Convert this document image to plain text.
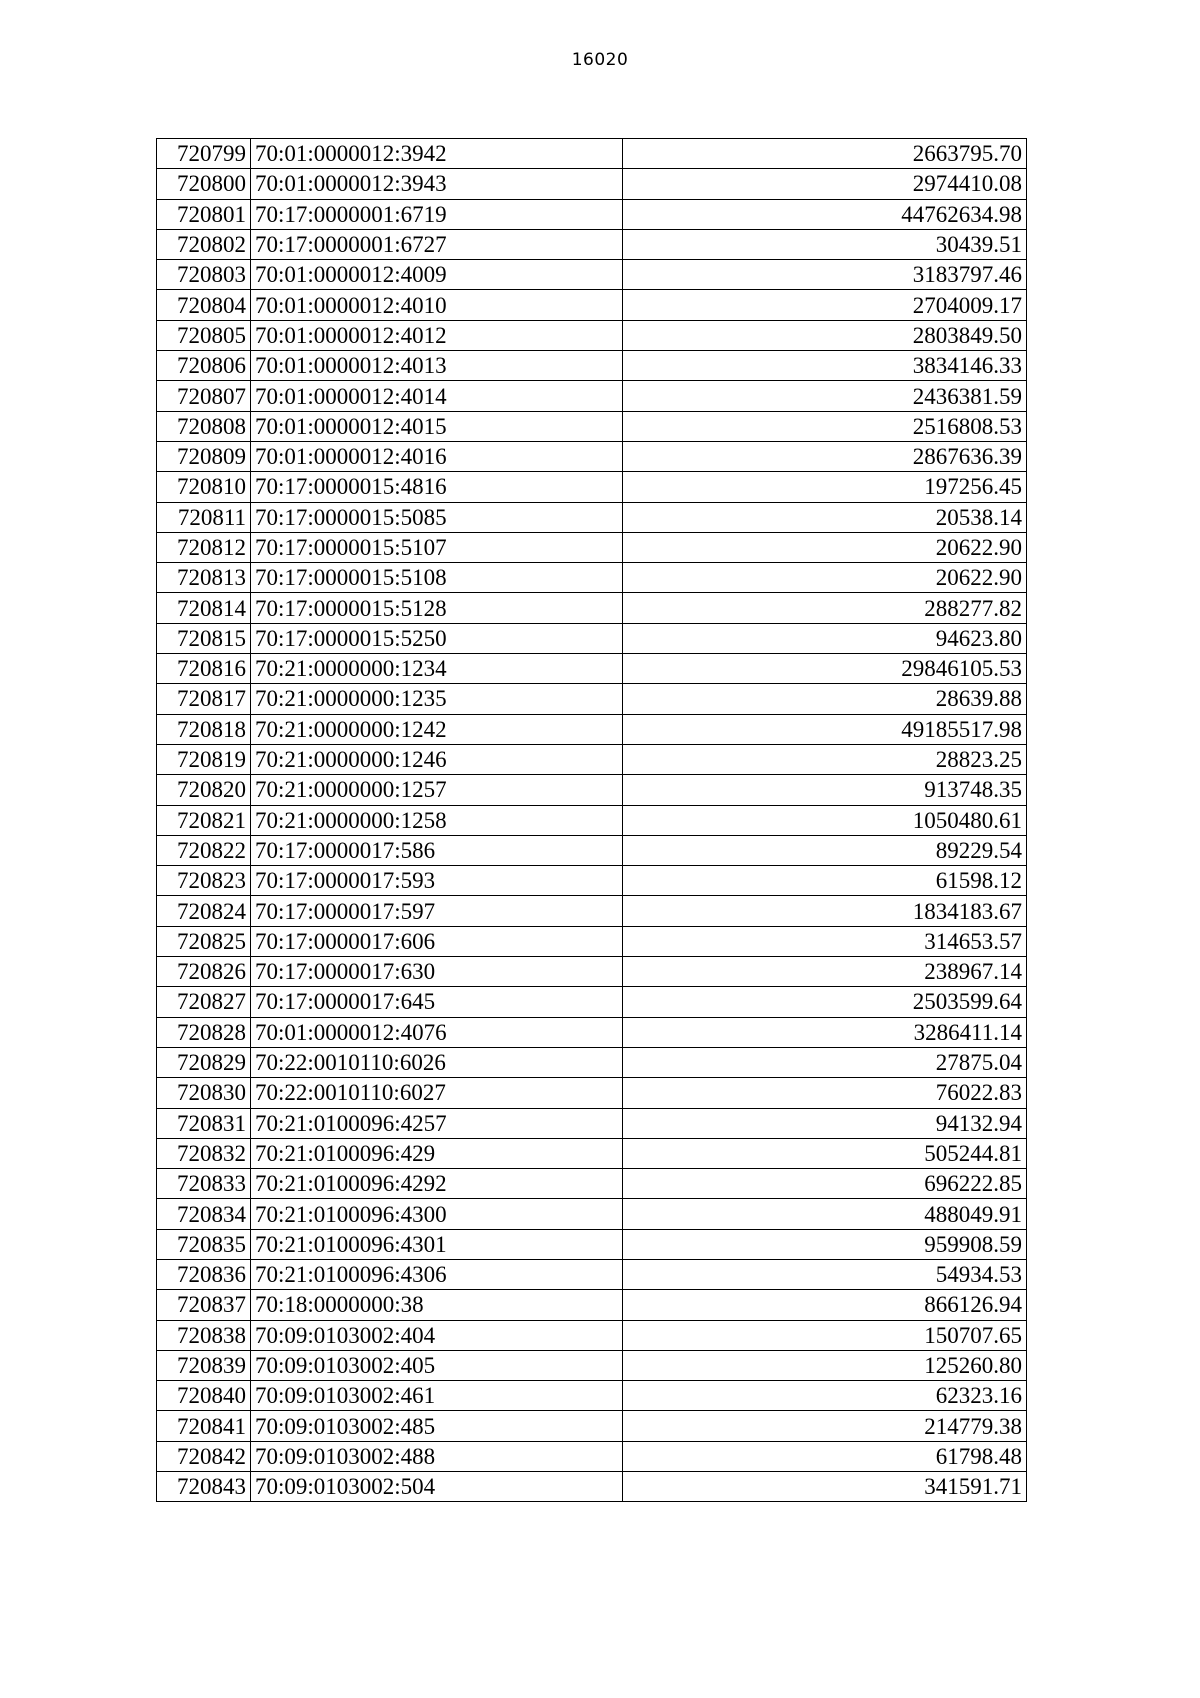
16020
720799	70:01:0000012:3942	2663795.70
720800	70:01:0000012:3943	2974410.08
720801	70:17:0000001:6719	44762634.98
720802	70:17:0000001:6727	30439.51
720803	70:01:0000012:4009	3183797.46
720804	70:01:0000012:4010	2704009.17
720805	70:01:0000012:4012	2803849.50
720806	70:01:0000012:4013	3834146.33
720807	70:01:0000012:4014	2436381.59
720808	70:01:0000012:4015	2516808.53
720809	70:01:0000012:4016	2867636.39
720810	70:17:0000015:4816	197256.45
720811	70:17:0000015:5085	20538.14
720812	70:17:0000015:5107	20622.90
720813	70:17:0000015:5108	20622.90
720814	70:17:0000015:5128	288277.82
720815	70:17:0000015:5250	94623.80
720816	70:21:0000000:1234	29846105.53
720817	70:21:0000000:1235	28639.88
720818	70:21:0000000:1242	49185517.98
720819	70:21:0000000:1246	28823.25
720820	70:21:0000000:1257	913748.35
720821	70:21:0000000:1258	1050480.61
720822	70:17:0000017:586	89229.54
720823	70:17:0000017:593	61598.12
720824	70:17:0000017:597	1834183.67
720825	70:17:0000017:606	314653.57
720826	70:17:0000017:630	238967.14
720827	70:17:0000017:645	2503599.64
720828	70:01:0000012:4076	3286411.14
720829	70:22:0010110:6026	27875.04
720830	70:22:0010110:6027	76022.83
720831	70:21:0100096:4257	94132.94
720832	70:21:0100096:429	505244.81
720833	70:21:0100096:4292	696222.85
720834	70:21:0100096:4300	488049.91
720835	70:21:0100096:4301	959908.59
720836	70:21:0100096:4306	54934.53
720837	70:18:0000000:38	866126.94
720838	70:09:0103002:404	150707.65
720839	70:09:0103002:405	125260.80
720840	70:09:0103002:461	62323.16
720841	70:09:0103002:485	214779.38
720842	70:09:0103002:488	61798.48
720843	70:09:0103002:504	341591.71
